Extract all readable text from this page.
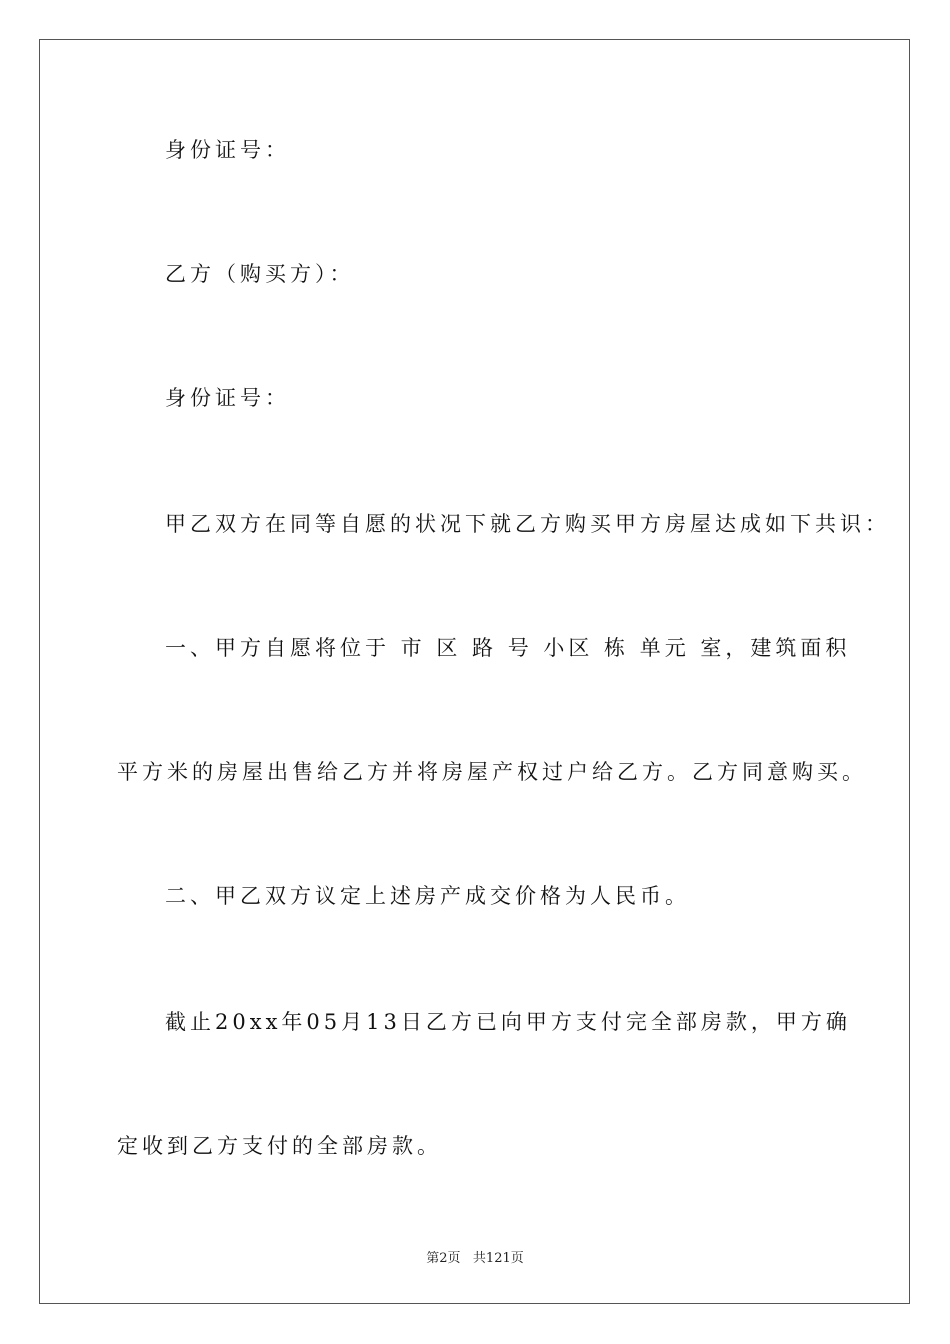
身份证号：
乙方（购买方）：
身份证号：
甲乙双方在同等自愿的状况下就乙方购买甲方房屋达成如下共识：
一、甲方自愿将位于 市 区 路 号 小区 栋 单元 室，建筑面积
平方米的房屋出售给乙方并将房屋产权过户给乙方。乙方同意购买。
二、甲乙双方议定上述房产成交价格为人民币。
截止20xx年05月13日乙方已向甲方支付完全部房款，甲方确
定收到乙方支付的全部房款。
第2页   共121页
